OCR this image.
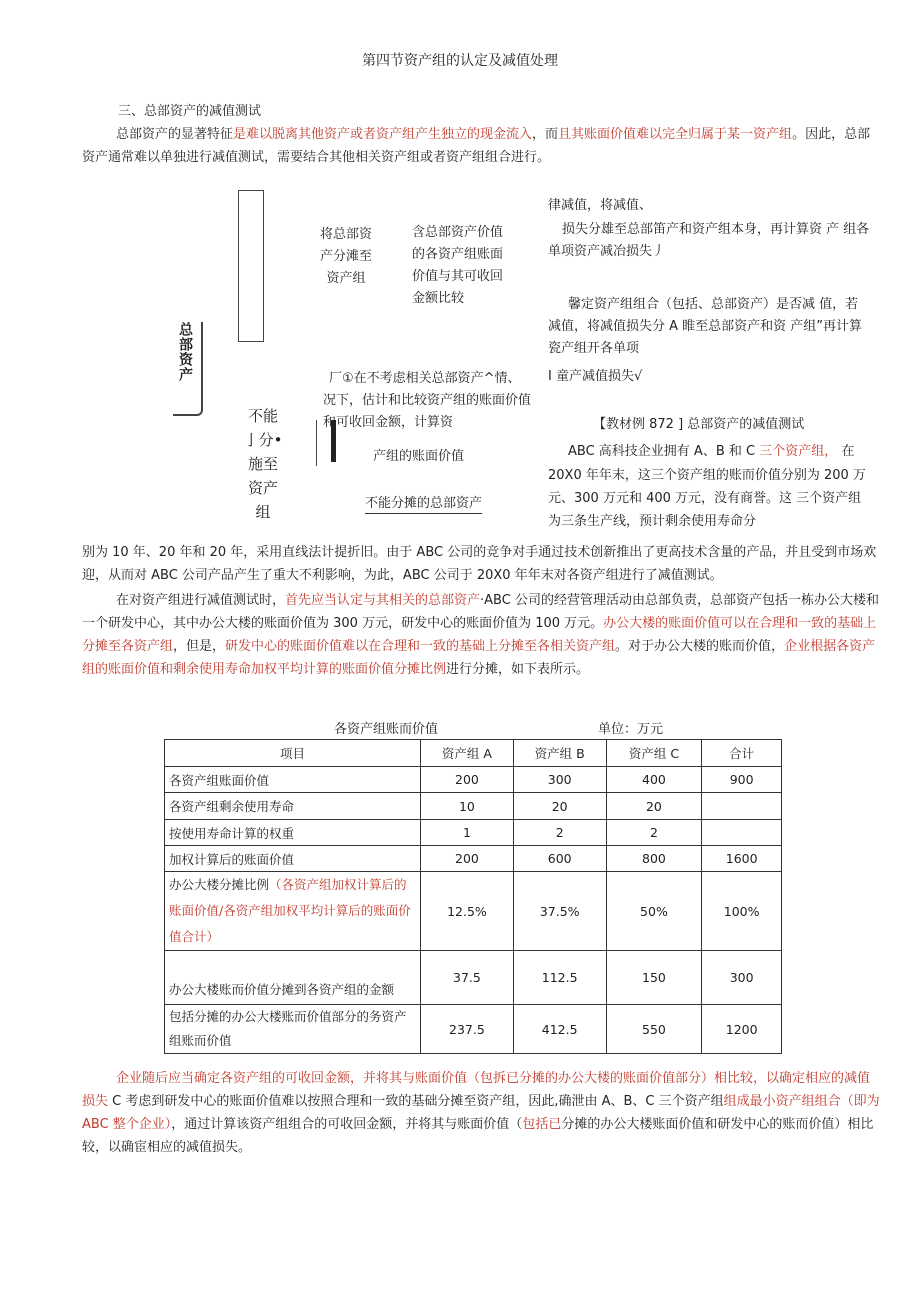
第四节资产组的认定及减值处理
三、总部资产的减值测试
总部资产的显著特征是难以脱离其他资产或者资产组产生独立的现金流入，而且其账面价值难以完全归属于某一资产组。因此，总部资产通常难以单独进行减值测试，需要结合其他相关资产组或者资产组组合进行。
总部资产
将总部资产分滩至资产组
含总部资产价值的各资产组账面价值与其可收回金额比较
律减值，将减值、
损失分雄至总部笛产和资产组本身，再计算资 产 组各单项资产减冶损失丿
馨定资产组组合（包括、总部资产）是否减 值，若减值，将减值损失分 A 睢至总部资产和资 产组”再计算瓷产组开各单项
I 童产减值损失√
不能亅分•施至资产组
厂①在不考虑相关总部资产^情、况下，估计和比较资产组的账面价值和可收回金额，计算资
产组的账面价值
不能分摊的总部资产
【教材例 872 ] 总部资产的减值测试
ABC 高科技企业拥有 A、B 和 C 三个资产组， 在
20X0 年年末，这三个资产组的账而价值分别为 200 万元、300 万元和 400 万元，没有商誉。这 三个资产组为三条生产线，预计剩余使用寿命分
别为 10 年、20 年和 20 年，采用直线法计提折旧。由于 ABC 公司的竞争对手通过技术创新推出了更高技术含量的产品，并且受到市场欢迎，从而对 ABC 公司产品产生了重大不利影响，为此，ABC 公司于 20X0 年年末对各资产组进行了减值测试。
在对资产组进行减值测试时，首先应当认定与其相关的总部资产·ABC 公司的经营管理活动由总部负责，总部资产包括一栋办公大楼和一个研发中心，其中办公大楼的账面价值为 300 万元，研发中心的账面价值为 100 万元。办公大楼的账面价值可以在合理和一致的基础上分摊至各资产组，但是，研发中心的账面价值难以在合理和一致的基础上分摊至各相关资产组。对于办公大楼的账而价值，企业根据各资产组的账面价值和剩余使用寿命加权平均计算的账面价值分摊比例进行分摊，如下表所示。
各资产组账而价值	单位：万元
项目	资产组 A	资产组 B	资产组 C	合计
各资产组账面价值	200	300	400	900
各资产组剩余使用寿命	10	20	20	
按使用寿命计算的权重	1	2	2	
加权计算后的账面价值	200	600	800	1600
办公大楼分摊比例（各资产组加权计算后的账面价值/各资产组加权平均计算后的账面价值合计）	12.5%	37.5%	50%	100%
办公大楼账而价值分摊到各资产组的金额	37.5	112.5	150	300
包括分摊的办公大楼账而价值部分的务资产组账而价值	237.5	412.5	550	1200
企业随后应当确定各资产组的可收回金额，并将其与账面价值（包拆已分摊的办公大楼的账面价值部分）相比较，以确定相应的减值损失 C 考虑到研发中心的账面价值难以按照合理和一致的基础分摊至资产组，因此,确泄由 A、B、C 三个资产组组成最小资产组组合（即为 ABC 整个企业），通过计算该资产组组合的可收回金额，并将其与账面价值（包括已分摊的办公大楼账面价值和研发中心的账而价值）相比较，以确宦相应的减值损失。
